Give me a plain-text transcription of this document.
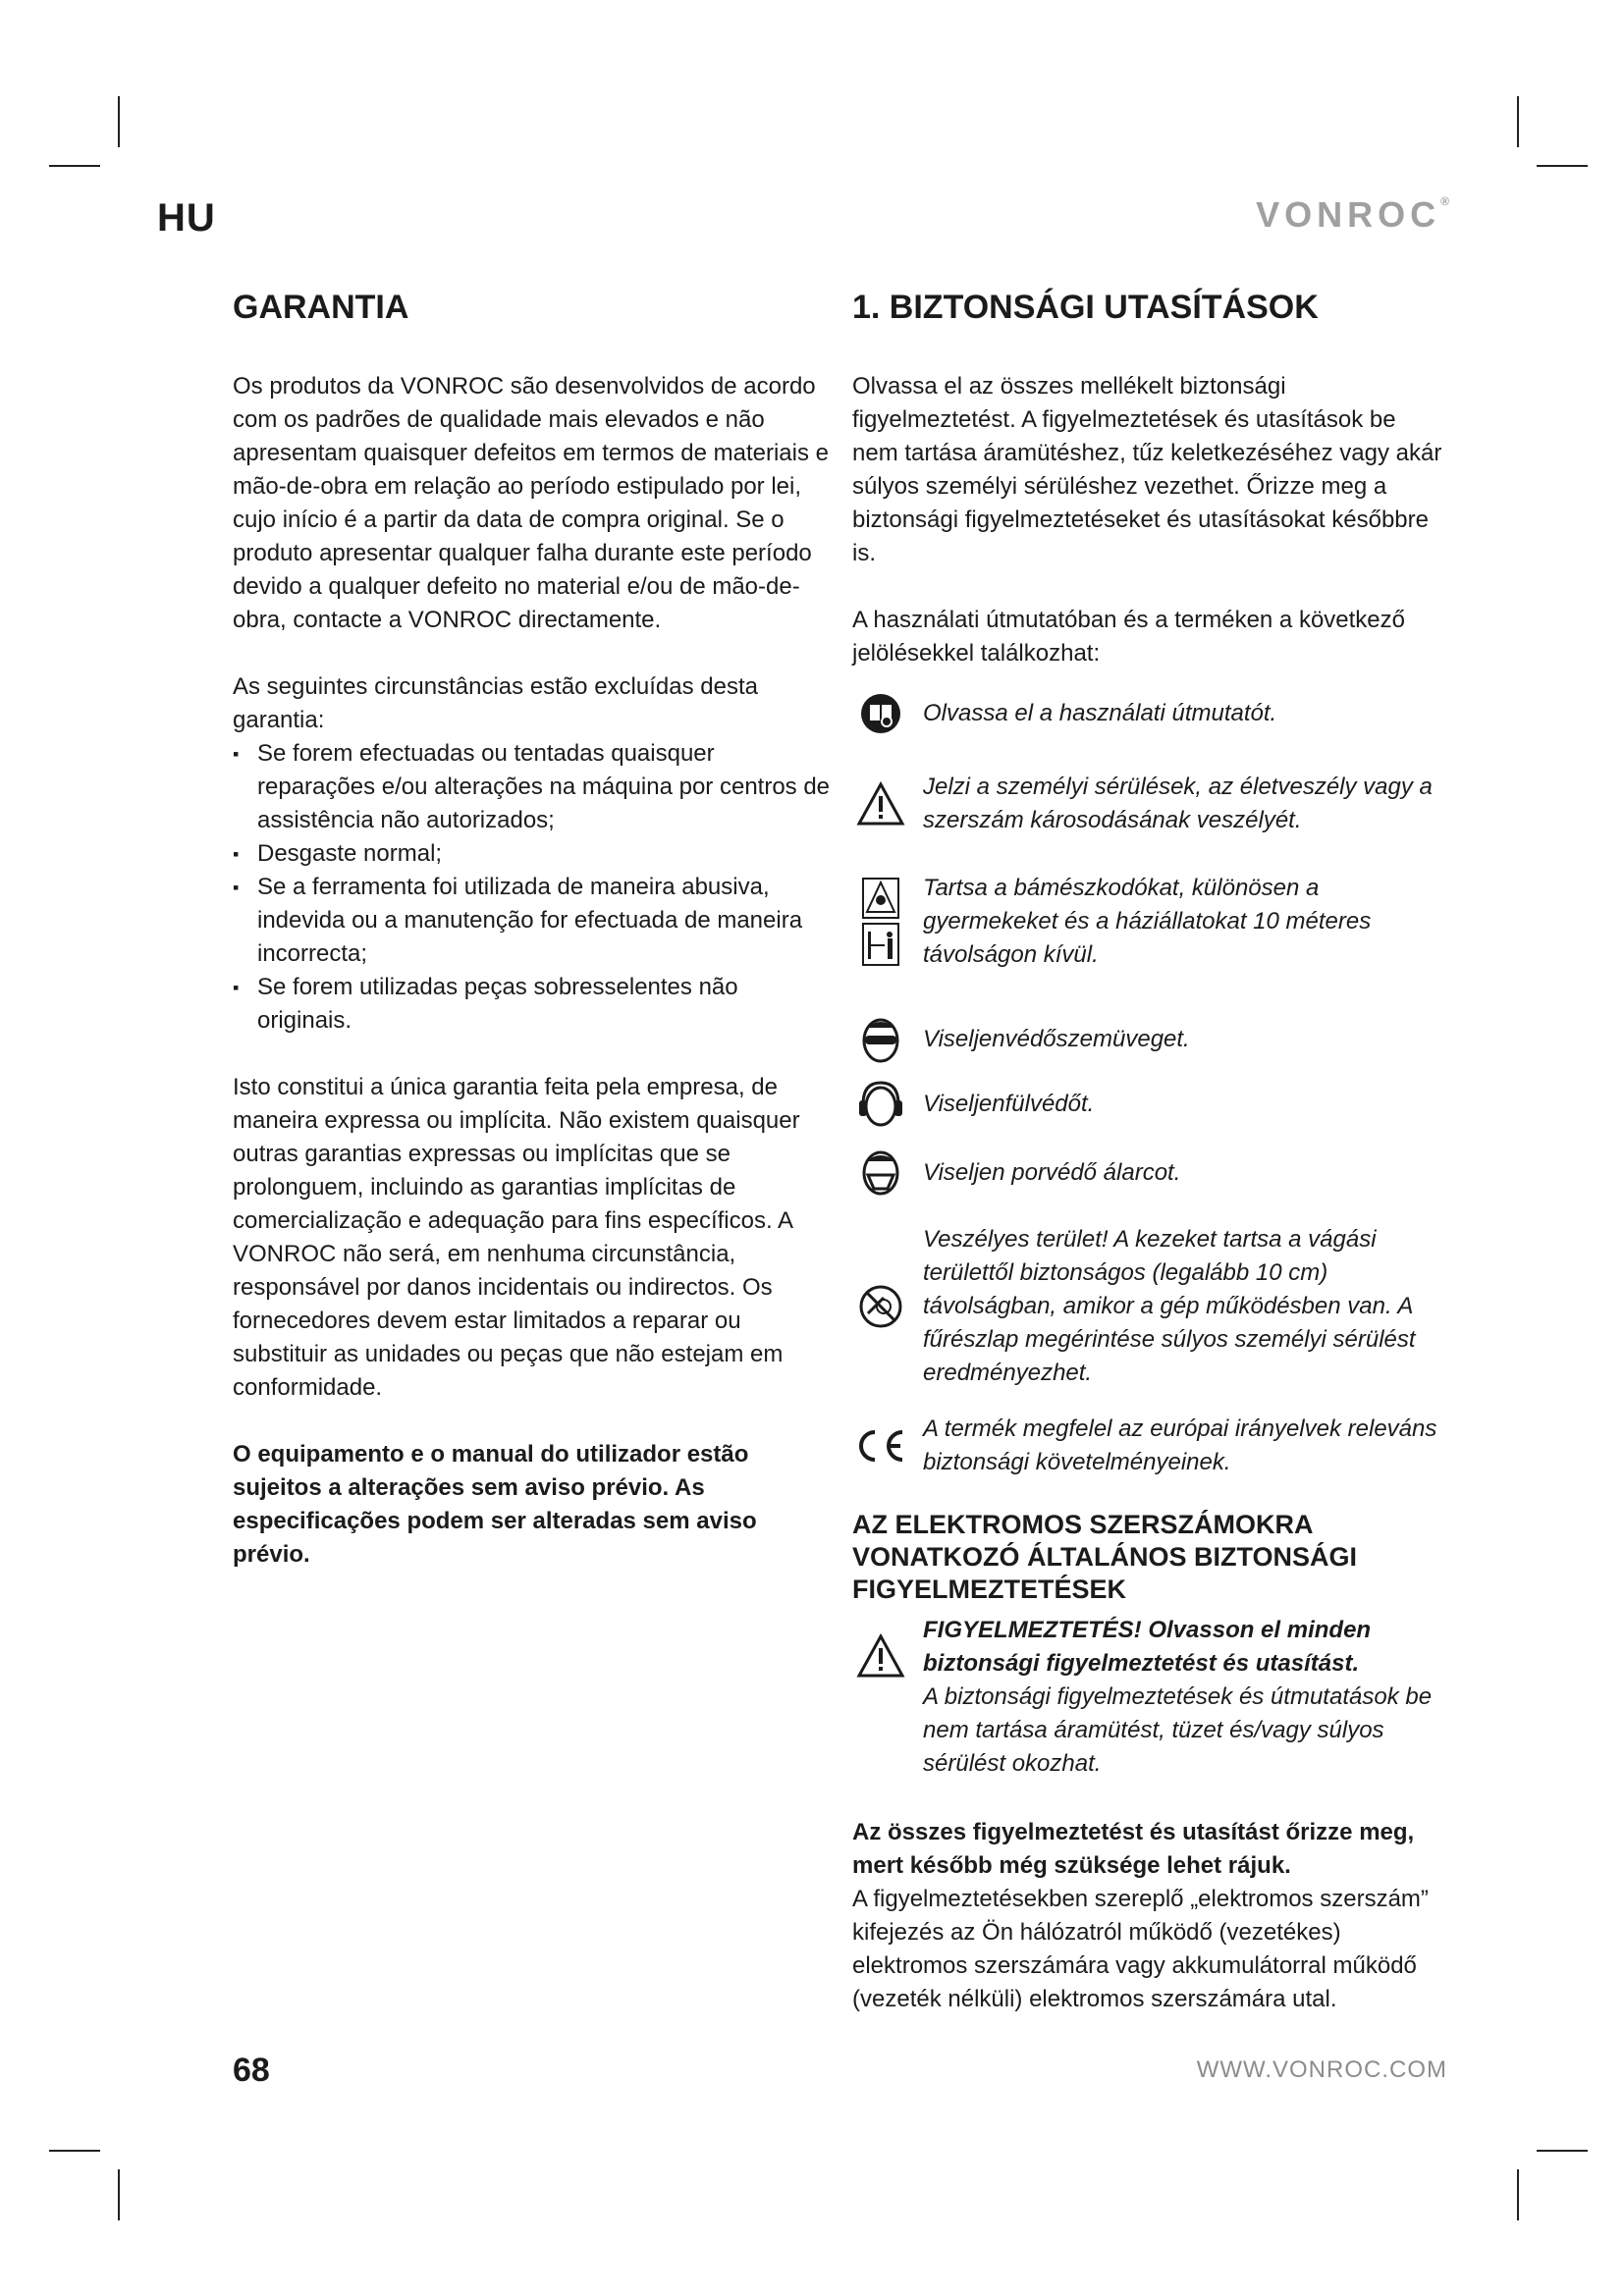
HU	VONROC®
GARANTIA

Os produtos da VONROC são desenvolvidos de acordo com os padrões de qualidade mais elevados e não apresentam quaisquer defeitos em termos de materiais e mão-de-obra em relação ao período estipulado por lei, cujo início é a partir da data de compra original. Se o produto apresentar qualquer falha durante este período devido a qualquer defeito no material e/ou de mão-de-obra, contacte a VONROC directamente.

As seguintes circunstâncias estão excluídas desta garantia:

▪ Se forem efectuadas ou tentadas quaisquer reparações e/ou alterações na máquina por centros de assistência não autorizados;
▪ Desgaste normal;
▪ Se a ferramenta foi utilizada de maneira abusiva, indevida ou a manutenção for efectuada de maneira incorrecta;
▪ Se forem utilizadas peças sobresselentes não originais.

Isto constitui a única garantia feita pela empresa, de maneira expressa ou implícita. Não existem quaisquer outras garantias expressas ou implícitas que se prolonguem, incluindo as garantias implícitas de comercialização e adequação para fins específicos. A VONROC não será, em nenhuma circunstância, responsável por danos incidentais ou indirectos. Os fornecedores devem estar limitados a reparar ou substituir as unidades ou peças que não estejam em conformidade.

O equipamento e o manual do utilizador estão sujeitos a alterações sem aviso prévio. As especificações podem ser alteradas sem aviso prévio.

1. BIZTONSÁGI UTASÍTÁSOK

Olvassa el az összes mellékelt biztonsági figyelmeztetést. A figyelmeztetések és utasítások be nem tartása áramütéshez, tűz keletkezéséhez vagy akár súlyos személyi sérüléshez vezethet. Őrizze meg a biztonsági figyelmeztetéseket és utasításokat későbbre is.

A használati útmutatóban és a terméken a következő jelölésekkel találkozhat:

Olvassa el a használati útmutatót.
Jelzi a személyi sérülések, az életveszély vagy a szerszám károsodásának veszélyét.
Tartsa a bámészkodókat, különösen a gyermekeket és a háziállatokat 10 méteres távolságon kívül.
Viseljenvédőszemüveget.
Viseljenfülvédőt.
Viseljen porvédő álarcot.
Veszélyes terület! A kezeket tartsa a vágási területtől biztonságos (legalább 10 cm) távolságban, amikor a gép működésben van. A fűrészlap megérintése súlyos személyi sérülést eredményezhet.
A termék megfelel az európai irányelvek releváns biztonsági követelményeinek.
AZ ELEKTROMOS SZERSZÁMOKRA VONATKOZÓ ÁLTALÁNOS BIZTONSÁGI FIGYELMEZTETÉSEK
FIGYELMEZTETÉS! Olvasson el minden biztonsági figyelmeztetést és utasítást.
A biztonsági figyelmeztetések és útmutatások be nem tartása áramütést, tüzet és/vagy súlyos sérülést okozhat.
Az összes figyelmeztetést és utasítást őrizze meg, mert később még szüksége lehet rájuk.
A figyelmeztetésekben szereplő „elektromos szerszám” kifejezés az Ön hálózatról működő (vezetékes) elektromos szerszámára vagy akkumulátorral működő (vezeték nélküli) elektromos szerszámára utal.
68	WWW.VONROC.COM
